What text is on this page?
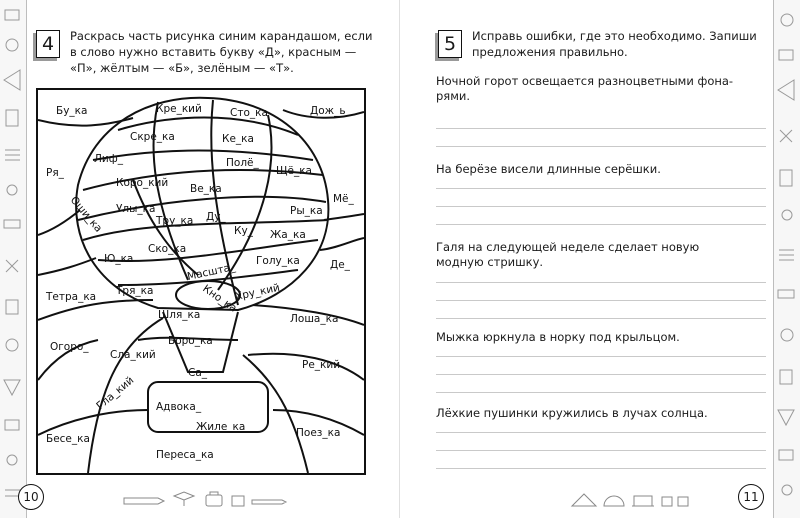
4	Раскрась часть рисунка синим карандашом, если
в слово нужно вставить букву «Д», красным —
«П», жёлтым — «Б», зелёным — «Т».
Бу_ка	Кре_кий	Сто_ка	Дож_ь
Скре_ка	Ке_ка
Лиф_	Полё_
Щё_ка
Ря_
Коро_кий Ве_ка
Мё_
Оши_ка Улы_ка
Тру_ка Ду_	Ры_ка
Ку_ Жа_ка
Ско_ка
Ю_ка
Масшта_
Голу_ка	Де_
Тетра_ка Тря_ка	Кно_ка
Хру_кий
Шля_ка	Лоша_ка
Боро_ка
Огоро_
Сла_кий
Са_
Ре_кий
Гла_кий Адвока_
Жиле_ка
Бесе_ка	Поез_ка
Пересa_ка
10
5	Исправь ошибки, где это необходимо. Запиши
предложения правильно.
Ночной горот освещается разноцветными фона-рями.
На берёзе висели длинные серёшки.
Галя на следующей неделе сделает новую модную стришку.
Мыжка юркнула в норку под крыльцом.
Лёхкие пушинки кружились в лучах солнца.
11
